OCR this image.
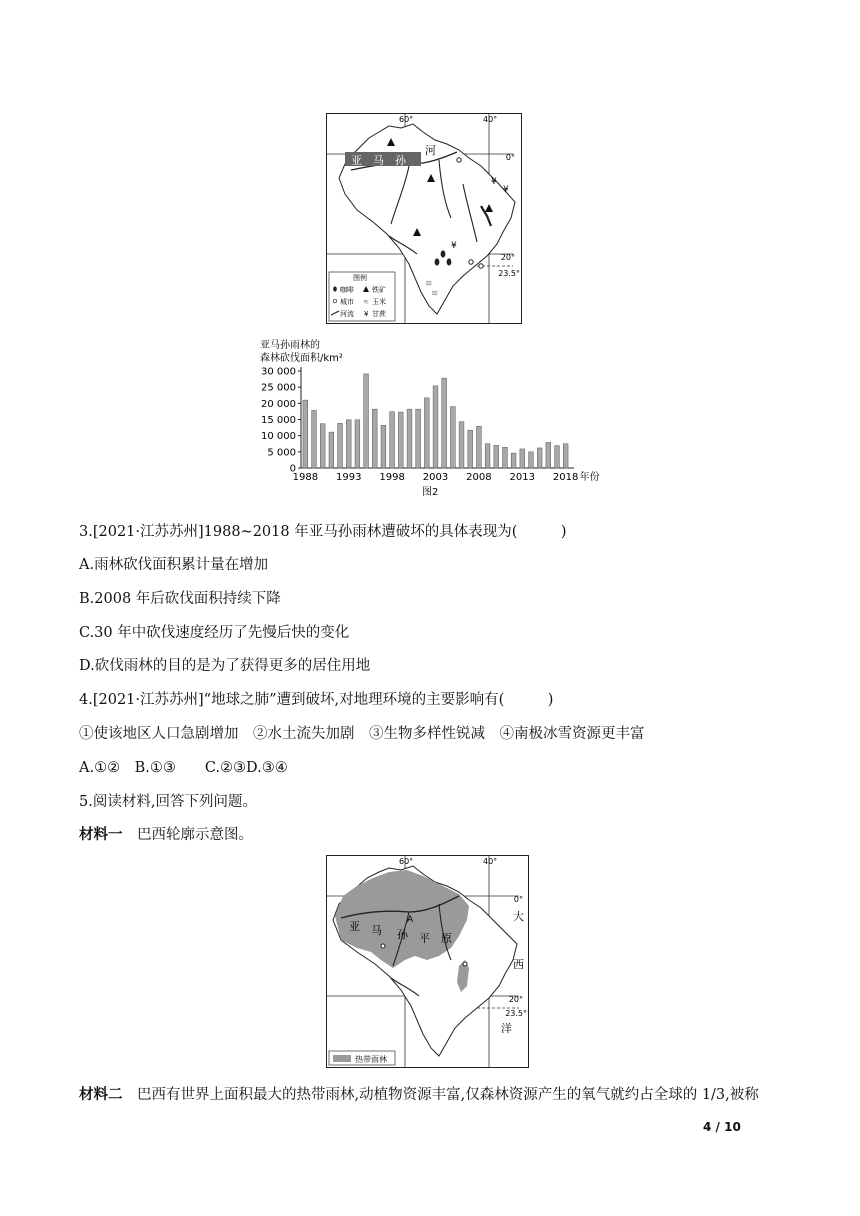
¥
¥
¥
≋
≋
60°	40°
0°
20°
23.5°
亚 马 孙
河
图例
咖啡	铁矿
城市 ≋ 玉米
河流 ¥ 甘蔗
亚马孙雨林的
森林砍伐面积/km²
0
5 000
10 000
15 000
20 000
25 000
30 000
1988 1993 1998 2003 2008 2013 2018 年份
图2
3.[2021·江苏苏州]1988~2018 年亚马孙雨林遭破坏的具体表现为(　　　)
A.雨林砍伐面积累计量在增加
B.2008 年后砍伐面积持续下降
C.30 年中砍伐速度经历了先慢后快的变化
D.砍伐雨林的目的是为了获得更多的居住用地
4.[2021·江苏苏州]“地球之肺”遭到破坏,对地理环境的主要影响有(　　　)
①使该地区人口急剧增加　②水土流失加剧　③生物多样性锐减　④南极冰雪资源更丰富
A.①②　B.①③　　C.②③D.③④
5.阅读材料,回答下列问题。
材料一　 巴西轮廓示意图。
60°	40°
0°
20°
23.5°
亚 马 孙 平 原
A	大
西
洋
热带雨林
材料二　 巴西有世界上面积最大的热带雨林,动植物资源丰富,仅森林资源产生的氧气就约占全球的 1/3,被称
4 / 10
